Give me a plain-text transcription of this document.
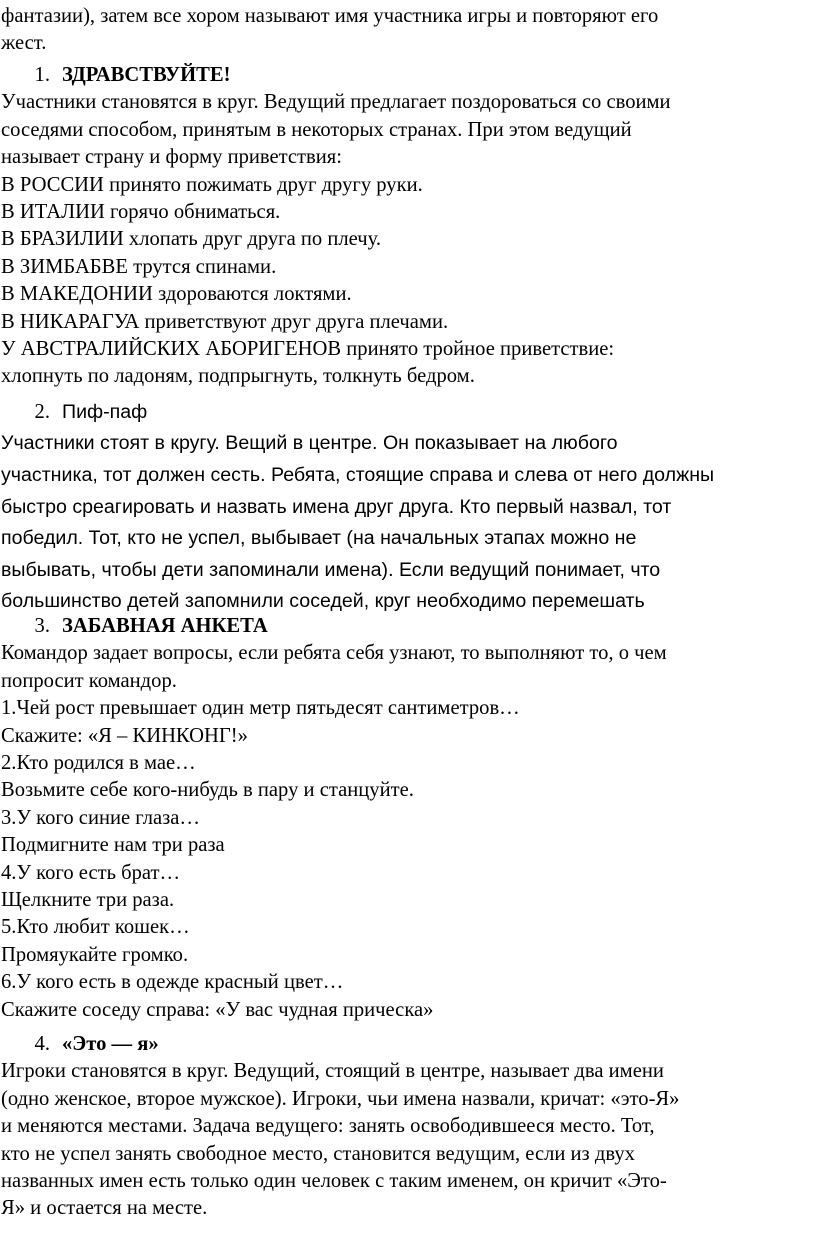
фантазии), затем все хором называют имя участника игры и повторяют его

жест.

1. ЗДРАВСТВУЙТЕ!

Участники становятся в круг. Ведущий предлагает поздороваться со своими

соседями способом, принятым в некоторых странах. При этом ведущий

называет страну и форму приветствия:

В РОССИИ принято пожимать друг другу руки.

В ИТАЛИИ горячо обниматься.

В БРАЗИЛИИ хлопать друг друга по плечу.

В ЗИМБАБВЕ трутся спинами.

В МАКЕДОНИИ здороваются локтями.

В НИКАРАГУА приветствуют друг друга плечами.

У АВСТРАЛИЙСКИХ АБОРИГЕНОВ принято тройное приветствие:

хлопнуть по ладоням, подпрыгнуть, толкнуть бедром.

2. Пиф-паф

Участники стоят в кругу. Вещий в центре. Он показывает на любого

участника, тот должен сесть. Ребята, стоящие справа и слева от него должны

быстро среагировать и назвать имена друг друга. Кто первый назвал, тот

победил. Тот, кто не успел, выбывает (на начальных этапах можно не

выбывать, чтобы дети запоминали имена). Если ведущий понимает, что

большинство детей запомнили соседей, круг необходимо перемешать

3. ЗАБАВНАЯ АНКЕТА

Командор задает вопросы, если ребята себя узнают, то выполняют то, о чем

попросит командор.

1.Чей рост превышает один метр пятьдесят сантиметров…

Скажите: «Я – КИНКОНГ!»

2.Кто родился в мае…

Возьмите себе кого-нибудь в пару и станцуйте.

3.У кого синие глаза…

Подмигните нам три раза

4.У кого есть брат…

Щелкните три раза.

5.Кто любит кошек…

Промяукайте громко.

6.У кого есть в одежде красный цвет…

Скажите соседу справа: «У вас чудная прическа»

4. «Это — я»

Игроки становятся в круг. Ведущий, стоящий в центре, называет два имени

(одно женское, второе мужское). Игроки, чьи имена назвали, кричат: «это-Я»

и меняются местами. Задача ведущего: занять освободившееся место. Тот,

кто не успел занять свободное место, становится ведущим, если из двух

названных имен есть только один человек с таким именем, он кричит «Это-

Я» и остается на месте.
